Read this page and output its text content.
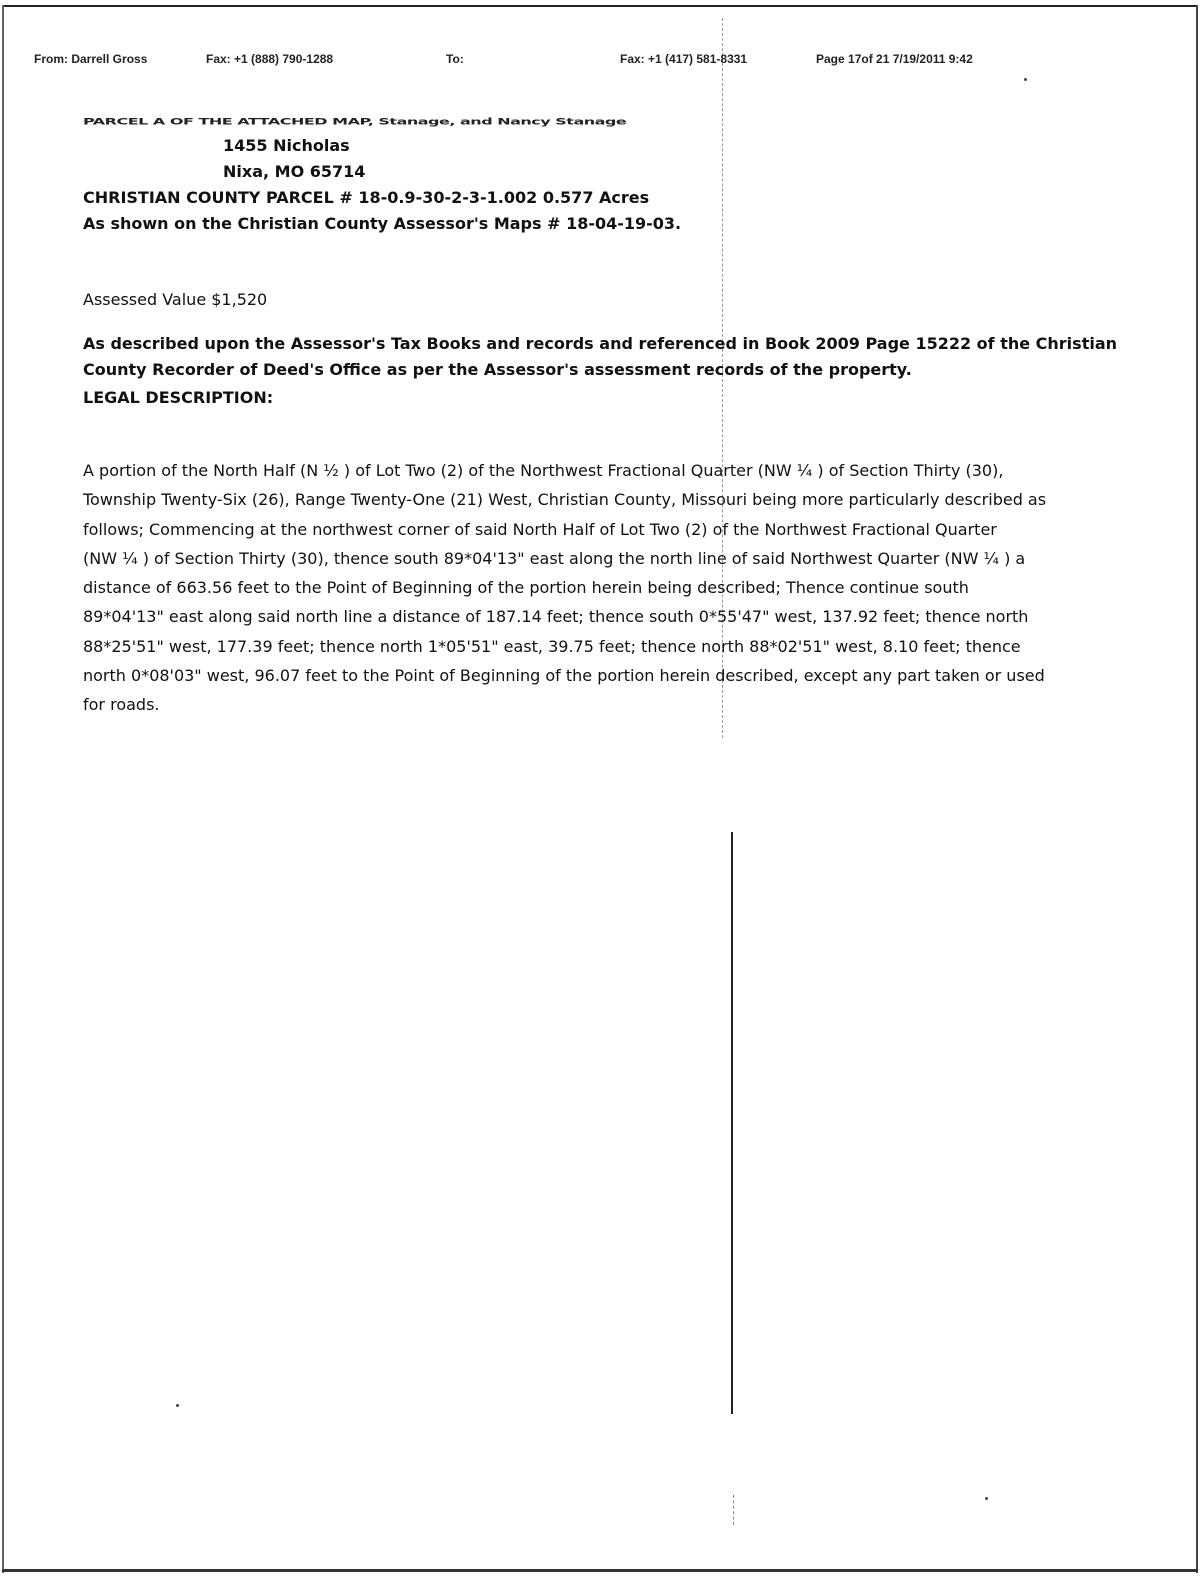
From: Darrell Gross	Fax: +1 (888) 790-1288	To:	Fax: +1 (417) 581-8331	Page 17of 21 7/19/2011 9:42
PARCEL A OF THE ATTACHED MAP, Stanage, and Nancy Stanage
1455 Nicholas
Nixa, MO 65714
CHRISTIAN COUNTY PARCEL # 18-0.9-30-2-3-1.002 0.577 Acres
As shown on the Christian County Assessor's Maps # 18-04-19-03.
Assessed Value $1,520
As described upon the Assessor's Tax Books and records and referenced in Book 2009 Page 15222 of the Christian
County Recorder of Deed's Office as per the Assessor's assessment records of the property.
LEGAL DESCRIPTION:
A portion of the North Half (N ½ ) of Lot Two (2) of the Northwest Fractional Quarter (NW ¼ ) of Section Thirty (30),
Township Twenty-Six (26), Range Twenty-One (21) West, Christian County, Missouri being more particularly described as
follows; Commencing at the northwest corner of said North Half of Lot Two (2) of the Northwest Fractional Quarter
(NW ¼ ) of Section Thirty (30), thence south 89*04'13" east along the north line of said Northwest Quarter (NW ¼ ) a
distance of 663.56 feet to the Point of Beginning of the portion herein being described; Thence continue south
89*04'13" east along said north line a distance of 187.14 feet; thence south 0*55'47" west, 137.92 feet; thence north
88*25'51" west, 177.39 feet; thence north 1*05'51" east, 39.75 feet; thence north 88*02'51" west, 8.10 feet; thence
north 0*08'03" west, 96.07 feet to the Point of Beginning of the portion herein described, except any part taken or used
for roads.
